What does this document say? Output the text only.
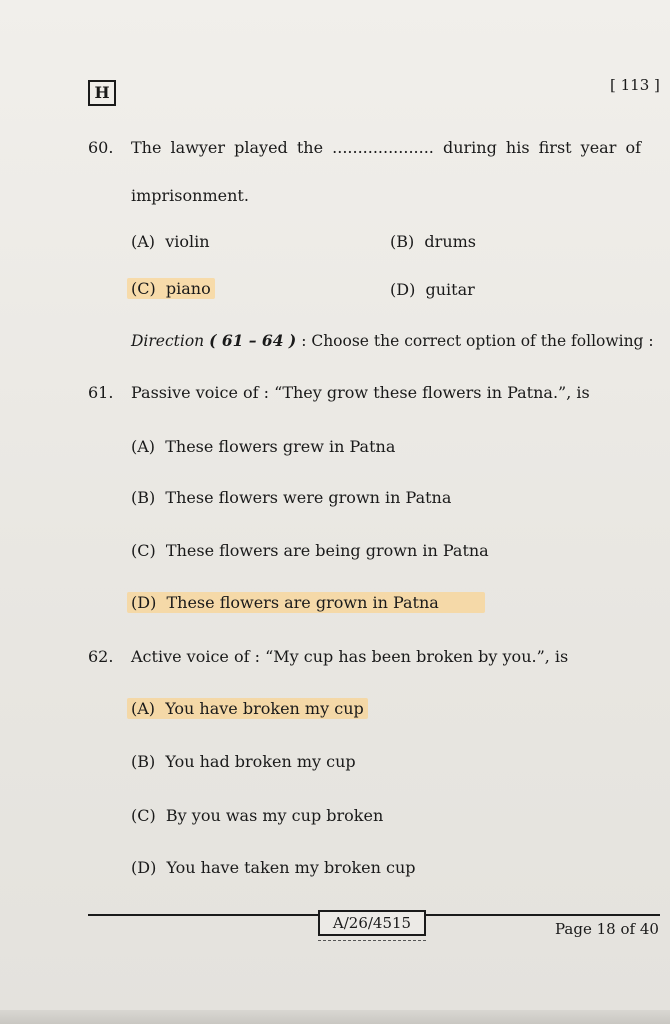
H	[ 113 ]
60. The lawyer played the .................... during his first year of
imprisonment.
(A) violin	(B) drums
(C) piano	(D) guitar
Direction ( 61 – 64 ) : Choose the correct option of the following :
61. Passive voice of : “They grow these flowers in Patna.”, is
(A) These flowers grew in Patna
(B) These flowers were grown in Patna
(C) These flowers are being grown in Patna
(D) These flowers are grown in Patna
62. Active voice of : “My cup has been broken by you.”, is
(A) You have broken my cup
(B) You had broken my cup
(C) By you was my cup broken
(D) You have taken my broken cup
A/26/4515	Page 18 of 40
